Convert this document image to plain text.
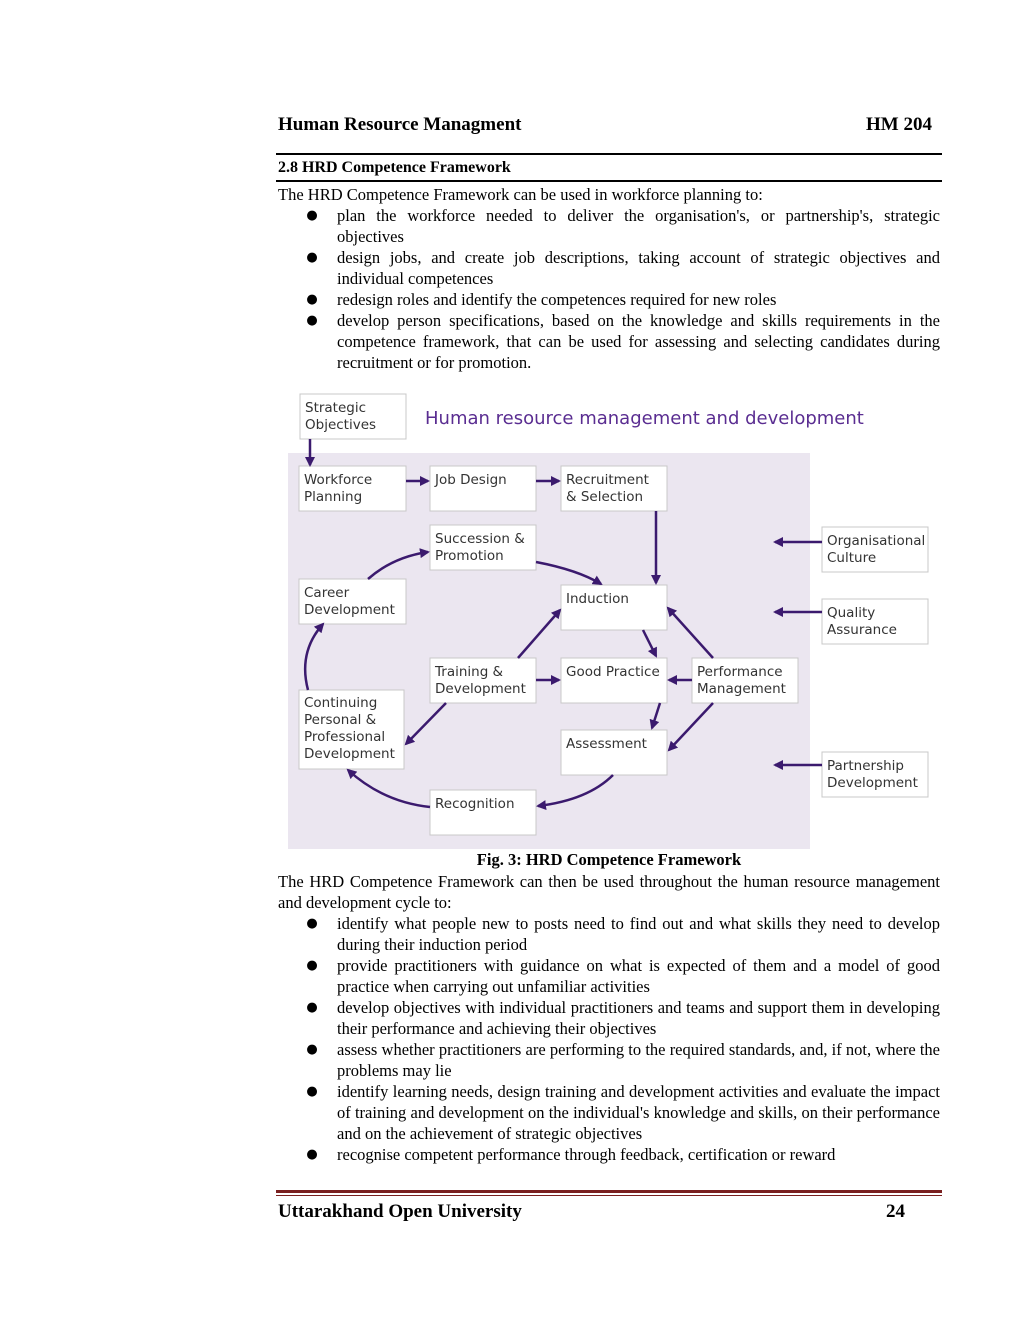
Human Resource Managment	HM 204
2.8 HRD Competence Framework
The HRD Competence Framework can be used in workforce planning to:
● plan the workforce needed to deliver the organisation's, or partnership's, strategic objectives
● design jobs, and create job descriptions, taking account of strategic objectives and individual competences
● redesign roles and identify the competences required for new roles
● develop person specifications, based on the knowledge and skills requirements in the competence framework, that can be used for assessing and selecting candidates during recruitment or for promotion.
Human resource management and development
Strategic
Objectives
Workforce
Planning
Job Design	Recruitment
& Selection
Succession &
Promotion
Career
Development
Induction
Training &
Development
Good Practice	Performance
Management
Continuing
Personal &
Professional
Development
Assessment
Recognition
Organisational
Culture
Quality
Assurance
Partnership
Development
Fig. 3: HRD Competence Framework
The HRD Competence Framework can then be used throughout the human resource management and development cycle to:
● identify what people new to posts need to find out and what skills they need to develop during their induction period
● provide practitioners with guidance on what is expected of them and a model of good practice when carrying out unfamiliar activities
● develop objectives with individual practitioners and teams and support them in developing their performance and achieving their objectives
● assess whether practitioners are performing to the required standards, and, if not, where the problems may lie
● identify learning needs, design training and development activities and evaluate the impact of training and development on the individual's knowledge and skills, on their performance and on the achievement of strategic objectives
● recognise competent performance through feedback, certification or reward
Uttarakhand Open University	24
